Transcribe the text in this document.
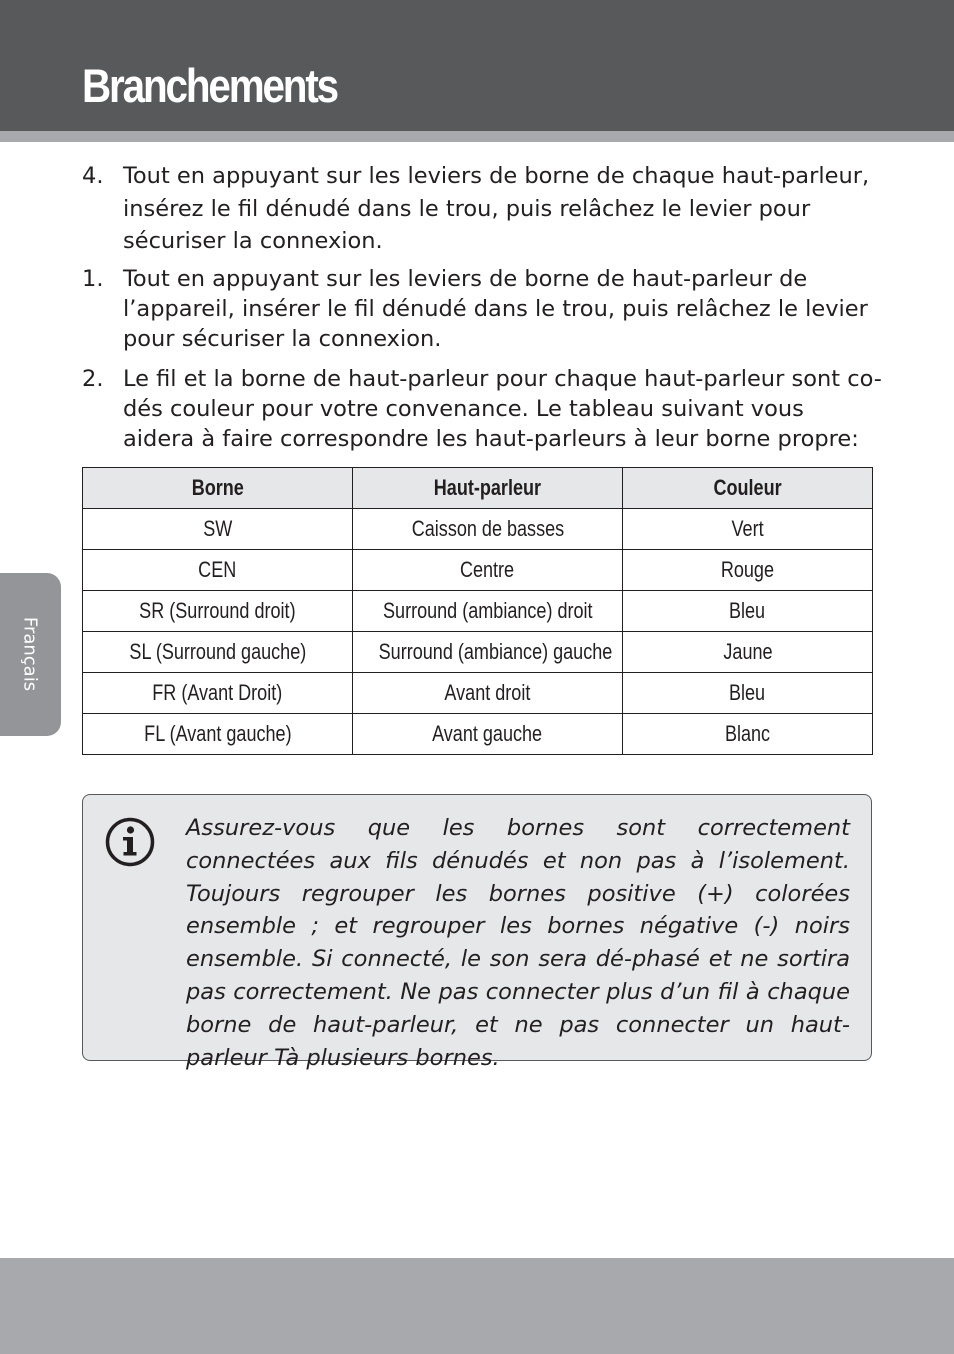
Branchements
Français

4. Tout en appuyant sur les leviers de borne de chaque haut-parleur, insérez le fil dénudé dans le trou, puis relâchez le levier pour sécuriser la connexion.

1. Tout en appuyant sur les leviers de borne de haut-parleur de l’appareil, insérer le fil dénudé dans le trou, puis relâchez le levier pour sécuriser la connexion.

2. Le fil et la borne de haut-parleur pour chaque haut-parleur sont co-dés couleur pour votre convenance. Le tableau suivant vous aidera à faire correspondre les haut-parleurs à leur borne propre:

Borne	Haut-parleur	Couleur
SW	Caisson de basses	Vert
CEN	Centre	Rouge
SR (Surround droit)	Surround (ambiance) droit	Bleu
SL (Surround gauche)	Surround (ambiance) gauche	Jaune
FR (Avant Droit)	Avant droit	Bleu
FL (Avant gauche)	Avant gauche	Blanc

Assurez-vous que les bornes sont correctement connectées aux fils dénudés et non pas à l’isolement. Toujours regrouper les bornes positive (+) colorées ensemble ; et regrouper les bornes négative (-) noirs ensemble. Si connecté, le son sera dé-phasé et ne sortira pas correctement. Ne pas connecter plus d’un fil à chaque borne de haut-parleur, et ne pas connecter un haut-parleur Tà plusieurs bornes.
